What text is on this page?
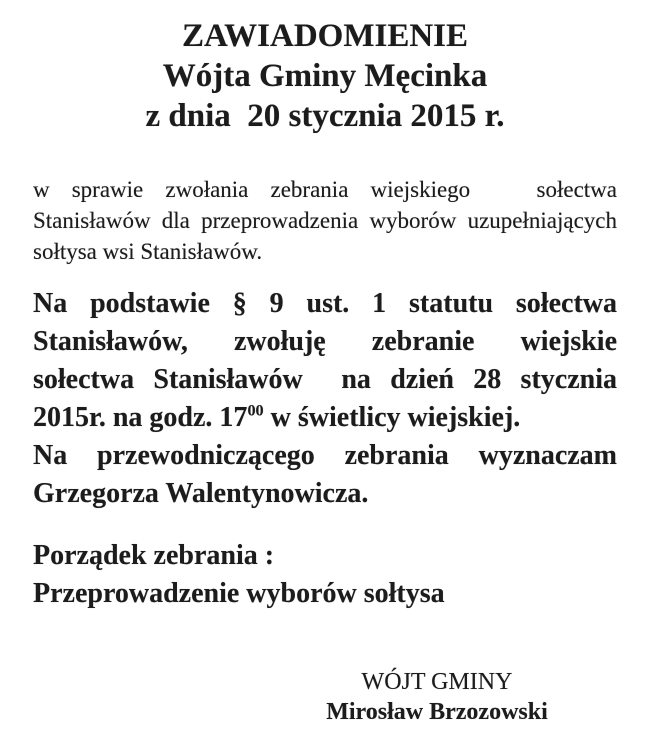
ZAWIADOMIENIE
Wójta Gminy Męcinka
z dnia  20 stycznia 2015 r.
w sprawie zwołania zebrania wiejskiego   sołectwa
Stanisławów dla przeprowadzenia wyborów uzupełniających
sołtysa wsi Stanisławów.
Na podstawie § 9 ust. 1 statutu sołectwa
Stanisławów, zwołuję zebranie wiejskie
sołectwa Stanisławów  na dzień 28 stycznia
2015r. na godz. $17^{00}$ w świetlicy wiejskiej.
Na przewodniczącego zebrania wyznaczam
Grzegorza Walentynowicza.
Porządek zebrania :
Przeprowadzenie wyborów sołtysa
WÓJT GMINY
Mirosław Brzozowski
